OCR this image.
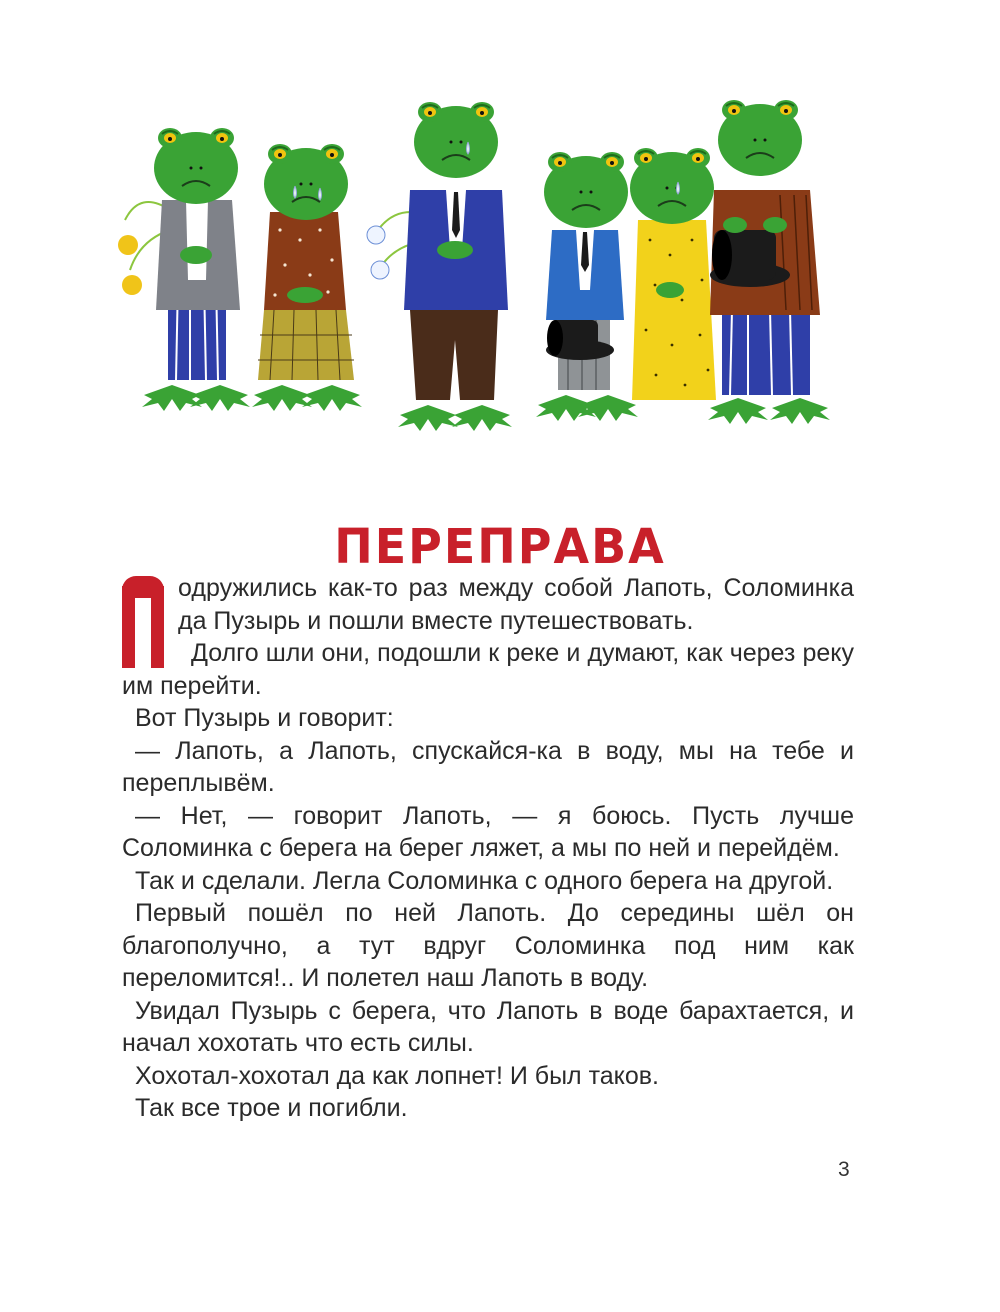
ПЕРЕПРАВА

одружились как-то раз между собой Лапоть, Соломинка да Пузырь и пошли вместе путешествовать.

Долго шли они, подошли к реке и думают, как через реку им перейти.

Вот Пузырь и говорит:

— Лапоть, а Лапоть, спускайся-ка в воду, мы на тебе и переплывём.

— Нет, — говорит Лапоть, — я боюсь. Пусть лучше Соломинка с берега на берег ляжет, а мы по ней и перейдём.

Так и сделали. Легла Соломинка с одного берега на другой.

Первый пошёл по ней Лапоть. До середины шёл он благополучно, а тут вдруг Соломинка под ним как переломится!.. И полетел наш Лапоть в воду.

Увидал Пузырь с берега, что Лапоть в воде барахтается, и начал хохотать что есть силы.

Хохотал-хохотал да как лопнет! И был таков.

Так все трое и погибли.

3
